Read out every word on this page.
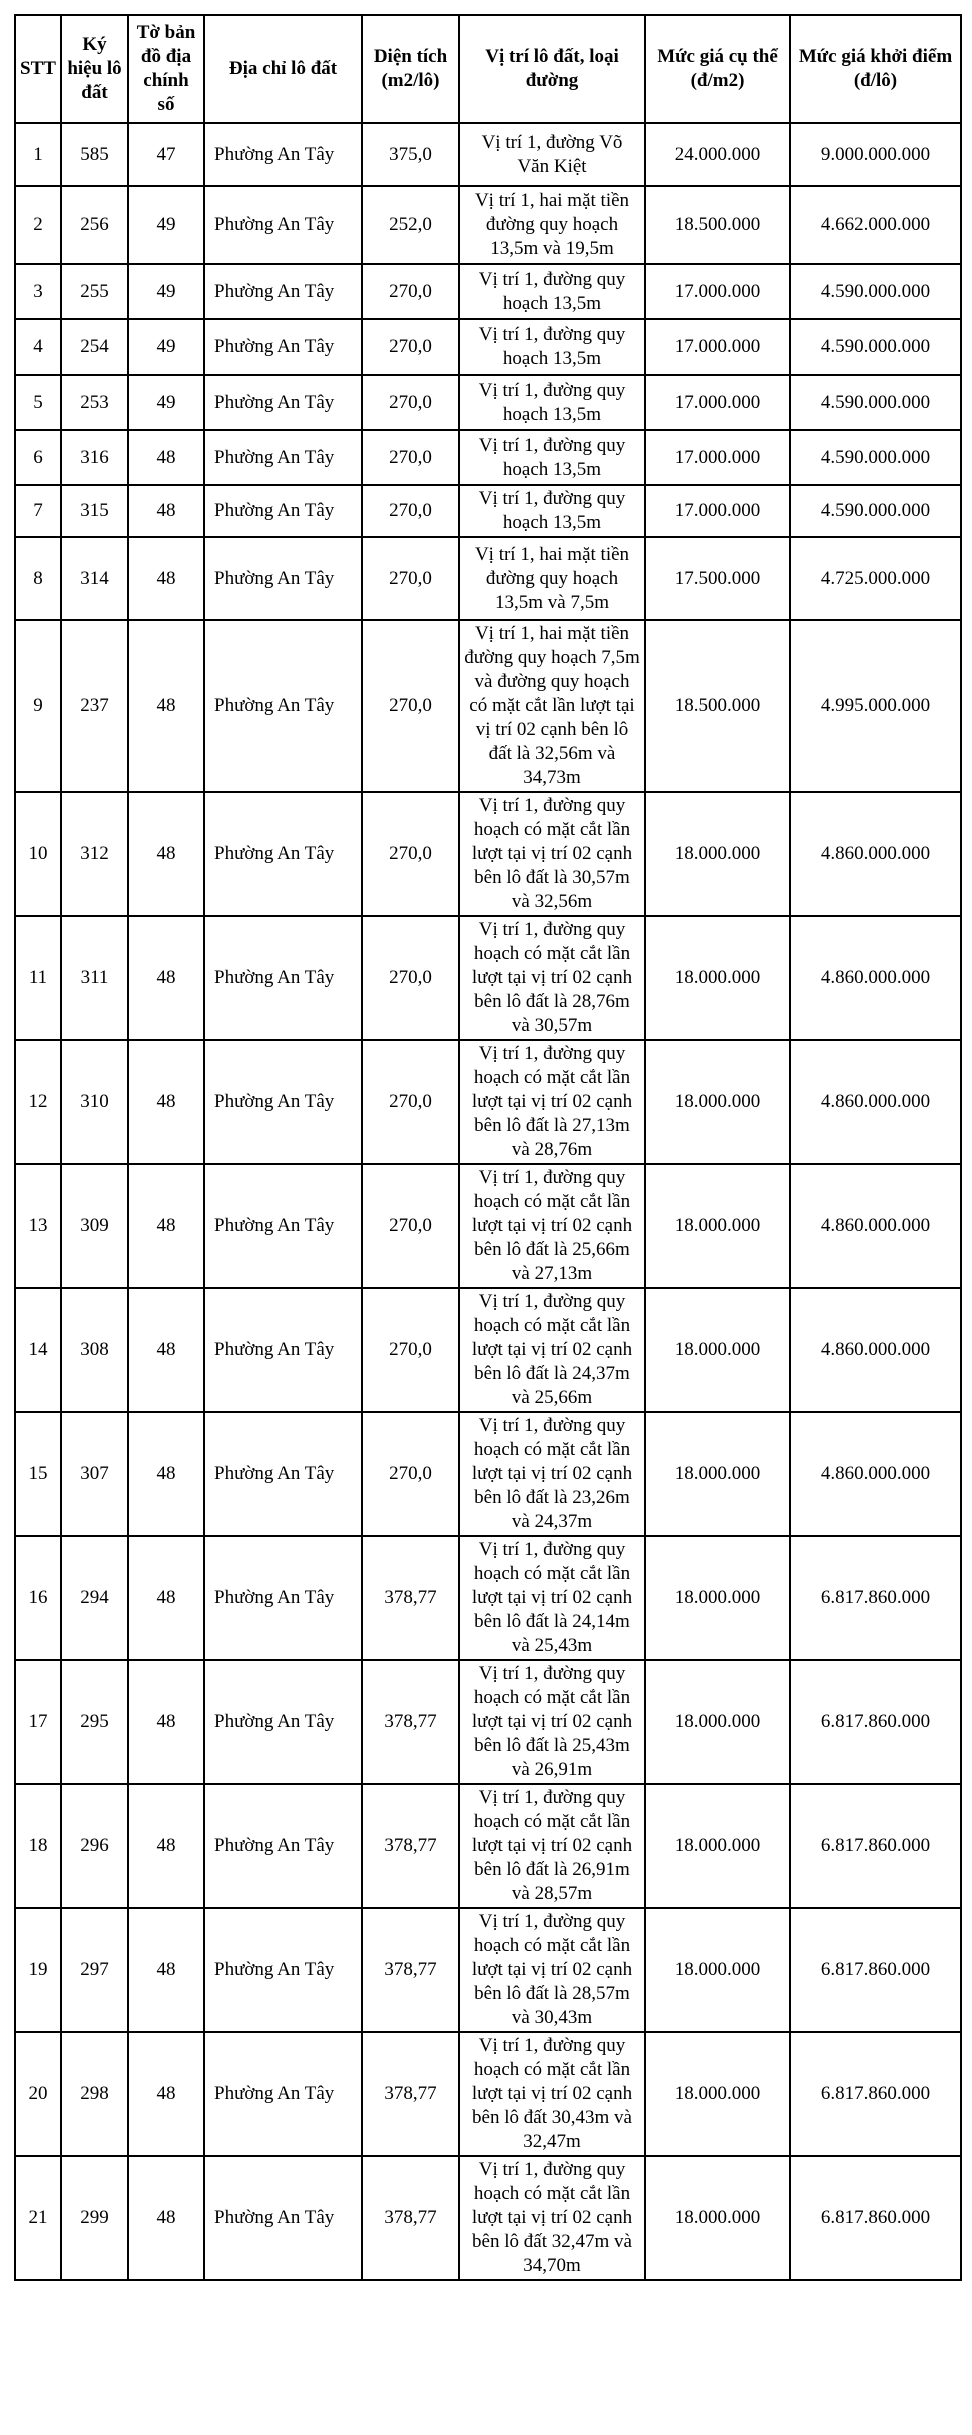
STT	Ký hiệu lô đất	Tờ bản đồ địa chính số	Địa chỉ lô đất	Diện tích (m2/lô)	Vị trí lô đất, loại đường	Mức giá cụ thể (đ/m2)	Mức giá khởi điểm (đ/lô)
1	585	47	Phường An Tây	375,0	Vị trí 1, đường Võ Văn Kiệt	24.000.000	9.000.000.000
2	256	49	Phường An Tây	252,0	Vị trí 1, hai mặt tiền đường quy hoạch 13,5m và 19,5m	18.500.000	4.662.000.000
3	255	49	Phường An Tây	270,0	Vị trí 1, đường quy hoạch 13,5m	17.000.000	4.590.000.000
4	254	49	Phường An Tây	270,0	Vị trí 1, đường quy hoạch 13,5m	17.000.000	4.590.000.000
5	253	49	Phường An Tây	270,0	Vị trí 1, đường quy hoạch 13,5m	17.000.000	4.590.000.000
6	316	48	Phường An Tây	270,0	Vị trí 1, đường quy hoạch 13,5m	17.000.000	4.590.000.000
7	315	48	Phường An Tây	270,0	Vị trí 1, đường quy hoạch 13,5m	17.000.000	4.590.000.000
8	314	48	Phường An Tây	270,0	Vị trí 1, hai mặt tiền đường quy hoạch 13,5m và 7,5m	17.500.000	4.725.000.000
9	237	48	Phường An Tây	270,0	Vị trí 1, hai mặt tiền đường quy hoạch 7,5m và đường quy hoạch có mặt cắt lần lượt tại vị trí 02 cạnh bên lô đất là 32,56m và 34,73m	18.500.000	4.995.000.000
10	312	48	Phường An Tây	270,0	Vị trí 1, đường quy hoạch có mặt cắt lần lượt tại vị trí 02 cạnh bên lô đất là 30,57m và 32,56m	18.000.000	4.860.000.000
11	311	48	Phường An Tây	270,0	Vị trí 1, đường quy hoạch có mặt cắt lần lượt tại vị trí 02 cạnh bên lô đất là 28,76m và 30,57m	18.000.000	4.860.000.000
12	310	48	Phường An Tây	270,0	Vị trí 1, đường quy hoạch có mặt cắt lần lượt tại vị trí 02 cạnh bên lô đất là 27,13m và 28,76m	18.000.000	4.860.000.000
13	309	48	Phường An Tây	270,0	Vị trí 1, đường quy hoạch có mặt cắt lần lượt tại vị trí 02 cạnh bên lô đất là 25,66m và 27,13m	18.000.000	4.860.000.000
14	308	48	Phường An Tây	270,0	Vị trí 1, đường quy hoạch có mặt cắt lần lượt tại vị trí 02 cạnh bên lô đất là 24,37m và 25,66m	18.000.000	4.860.000.000
15	307	48	Phường An Tây	270,0	Vị trí 1, đường quy hoạch có mặt cắt lần lượt tại vị trí 02 cạnh bên lô đất là 23,26m và 24,37m	18.000.000	4.860.000.000
16	294	48	Phường An Tây	378,77	Vị trí 1, đường quy hoạch có mặt cắt lần lượt tại vị trí 02 cạnh bên lô đất là 24,14m và 25,43m	18.000.000	6.817.860.000
17	295	48	Phường An Tây	378,77	Vị trí 1, đường quy hoạch có mặt cắt lần lượt tại vị trí 02 cạnh bên lô đất là 25,43m và 26,91m	18.000.000	6.817.860.000
18	296	48	Phường An Tây	378,77	Vị trí 1, đường quy hoạch có mặt cắt lần lượt tại vị trí 02 cạnh bên lô đất là 26,91m và 28,57m	18.000.000	6.817.860.000
19	297	48	Phường An Tây	378,77	Vị trí 1, đường quy hoạch có mặt cắt lần lượt tại vị trí 02 cạnh bên lô đất là 28,57m và 30,43m	18.000.000	6.817.860.000
20	298	48	Phường An Tây	378,77	Vị trí 1, đường quy hoạch có mặt cắt lần lượt tại vị trí 02 cạnh bên lô đất 30,43m và 32,47m	18.000.000	6.817.860.000
21	299	48	Phường An Tây	378,77	Vị trí 1, đường quy hoạch có mặt cắt lần lượt tại vị trí 02 cạnh bên lô đất 32,47m và 34,70m	18.000.000	6.817.860.000
